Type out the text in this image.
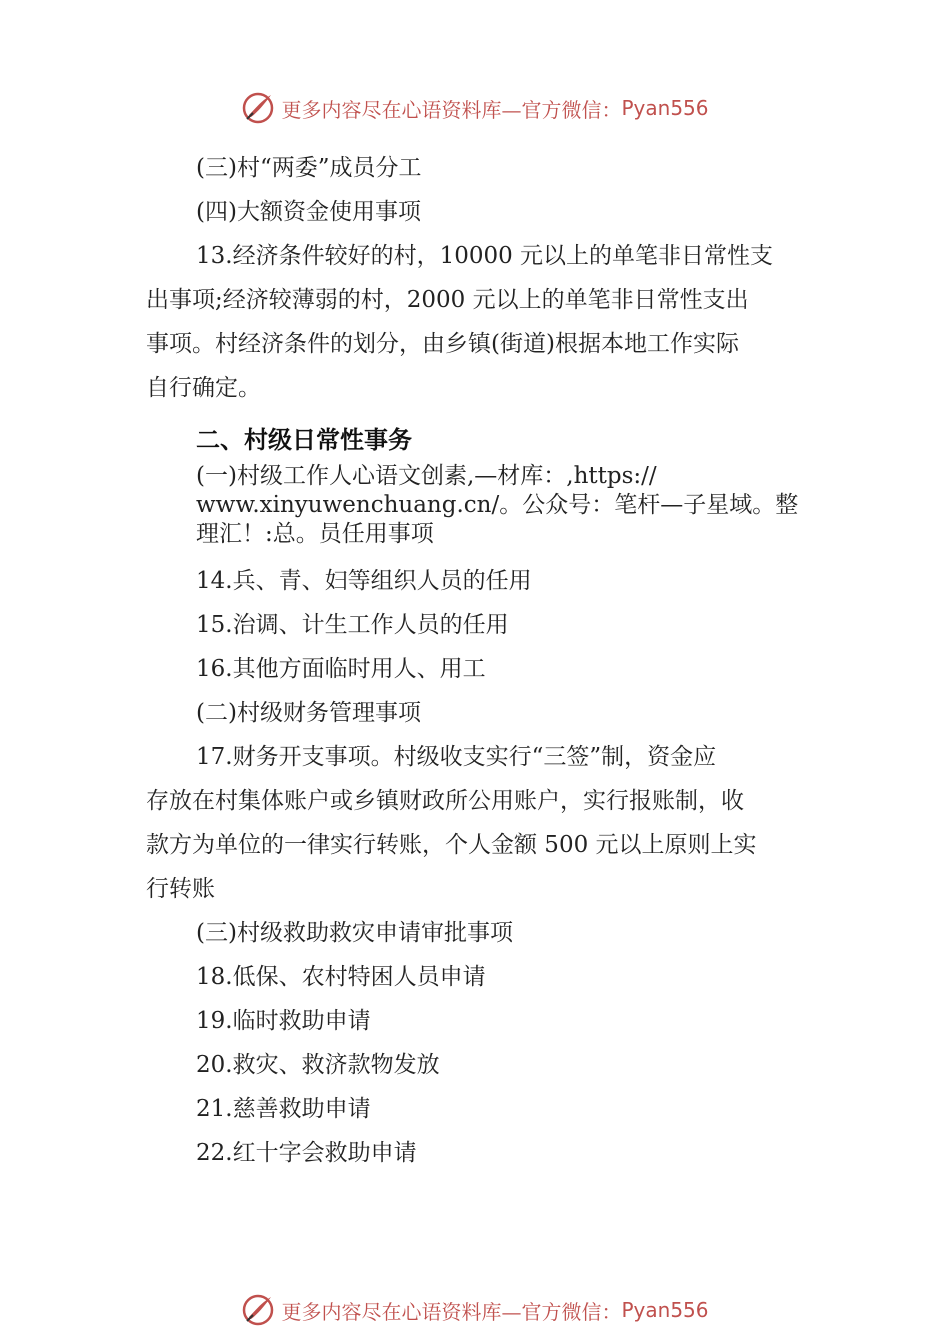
更多内容尽在心语资料库—官方微信： Pyan556
(三)村“两委”成员分工
(四)大额资金使用事项
13.经济条件较好的村，10000 元以上的单笔非日常性支
出事项;经济较薄弱的村，2000 元以上的单笔非日常性支出
事项。村经济条件的划分，由乡镇(街道)根据本地工作实际
自行确定。
二、村级日常性事务
(一)村级工作人心语文创素,—材库：,https://
www.xinyuwenchuang.cn/。公众号：笔杆—子星域。整
理汇！:总。员任用事项
14.兵、青、妇等组织人员的任用
15.治调、计生工作人员的任用
16.其他方面临时用人、用工
(二)村级财务管理事项
17.财务开支事项。村级收支实行“三签”制，资金应
存放在村集体账户或乡镇财政所公用账户，实行报账制，收
款方为单位的一律实行转账，个人金额 500 元以上原则上实
行转账
(三)村级救助救灾申请审批事项
18.低保、农村特困人员申请
19.临时救助申请
20.救灾、救济款物发放
21.慈善救助申请
22.红十字会救助申请
更多内容尽在心语资料库—官方微信： Pyan556
